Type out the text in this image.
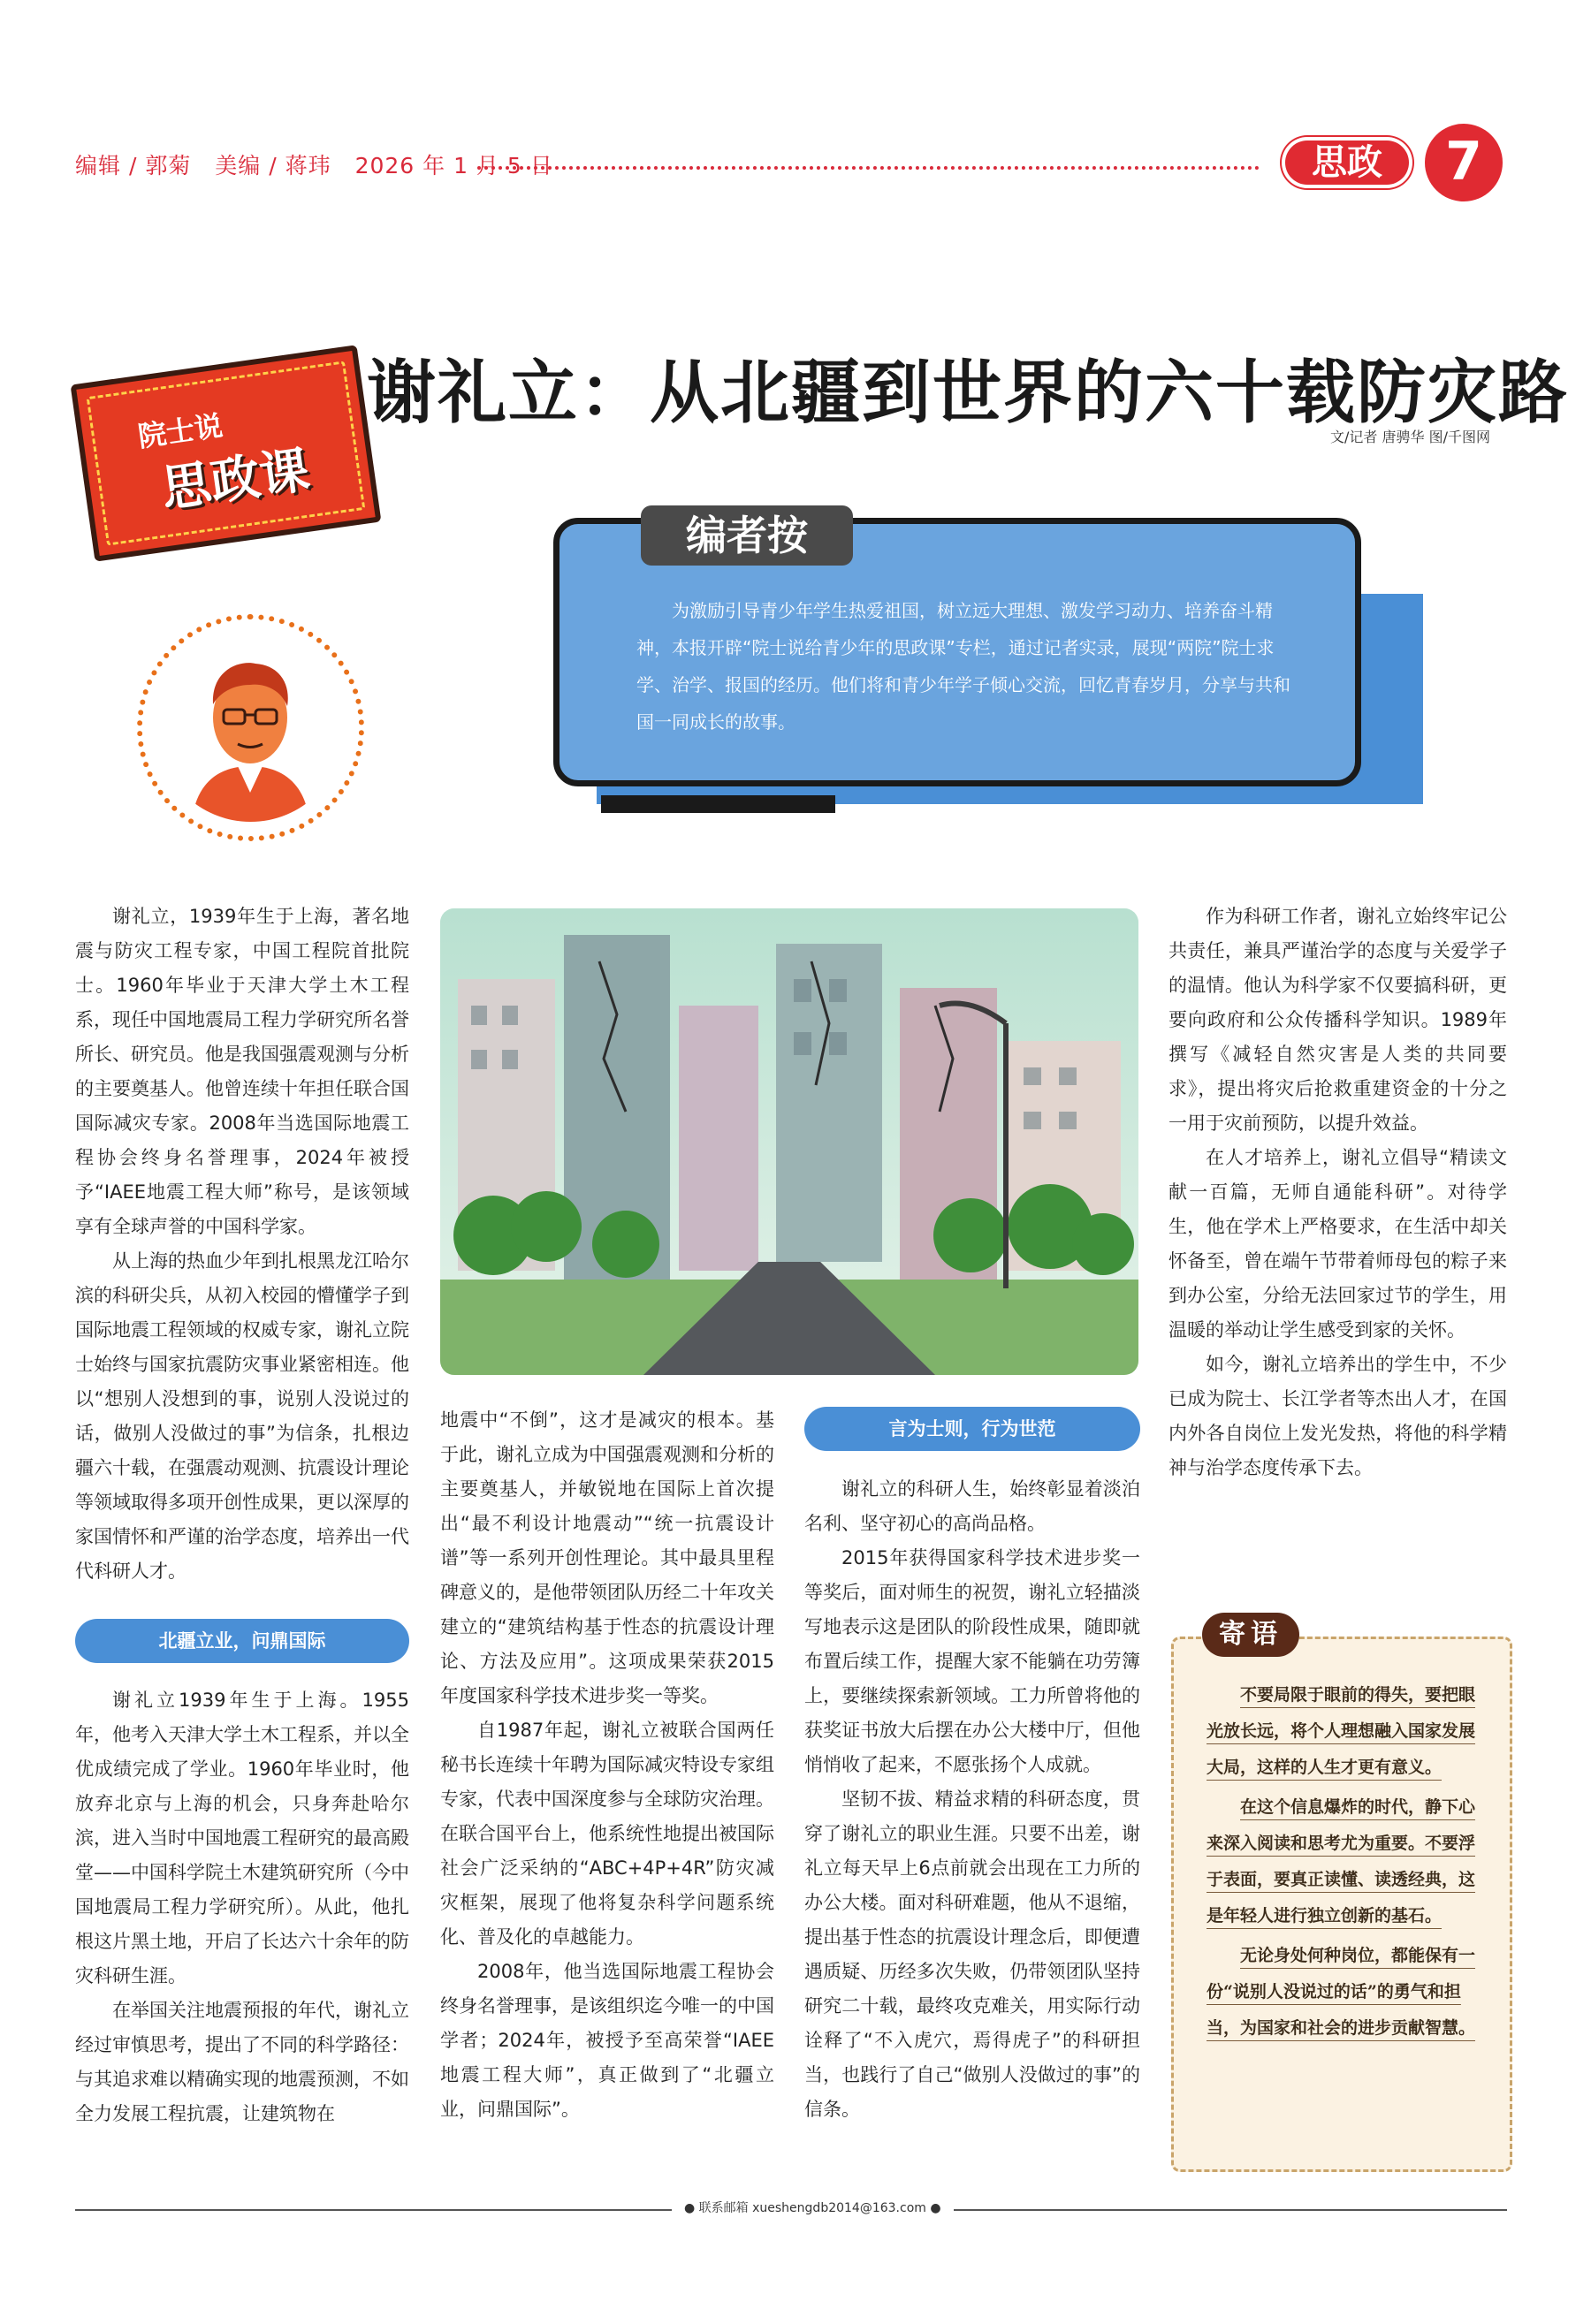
编辑 / 郭菊 美编 / 蒋玮 2026 年 1 月 5 日	思政	7
院士说
思政课
谢礼立：从北疆到世界的六十载防灾路
文/记者 唐骋华 图/千图网
编者按
为激励引导青少年学生热爱祖国，树立远大理想、激发学习动力、培养奋斗精神，本报开辟“院士说给青少年的思政课”专栏，通过记者实录，展现“两院”院士求学、治学、报国的经历。他们将和青少年学子倾心交流，回忆青春岁月，分享与共和国一同成长的故事。

谢礼立，1939年生于上海，著名地震与防灾工程专家，中国工程院首批院士。1960年毕业于天津大学土木工程系，现任中国地震局工程力学研究所名誉所长、研究员。他是我国强震观测与分析的主要奠基人。他曾连续十年担任联合国国际减灾专家。2008年当选国际地震工程协会终身名誉理事，2024年被授予“IAEE地震工程大师”称号，是该领域享有全球声誉的中国科学家。

从上海的热血少年到扎根黑龙江哈尔滨的科研尖兵，从初入校园的懵懂学子到国际地震工程领域的权威专家，谢礼立院士始终与国家抗震防灾事业紧密相连。他以“想别人没想到的事，说别人没说过的话，做别人没做过的事”为信条，扎根边疆六十载，在强震动观测、抗震设计理论等领域取得多项开创性成果，更以深厚的家国情怀和严谨的治学态度，培养出一代代科研人才。

北疆立业，问鼎国际

谢礼立1939年生于上海。1955年，他考入天津大学土木工程系，并以全优成绩完成了学业。1960年毕业时，他放弃北京与上海的机会，只身奔赴哈尔滨，进入当时中国地震工程研究的最高殿堂——中国科学院土木建筑研究所（今中国地震局工程力学研究所）。从此，他扎根这片黑土地，开启了长达六十余年的防灾科研生涯。

在举国关注地震预报的年代，谢礼立经过审慎思考，提出了不同的科学路径：与其追求难以精确实现的地震预测，不如全力发展工程抗震，让建筑物在

地震中“不倒”，这才是减灾的根本。基于此，谢礼立成为中国强震观测和分析的主要奠基人，并敏锐地在国际上首次提出“最不利设计地震动”“统一抗震设计谱”等一系列开创性理论。其中最具里程碑意义的，是他带领团队历经二十年攻关建立的“建筑结构基于性态的抗震设计理论、方法及应用”。这项成果荣获2015年度国家科学技术进步奖一等奖。

自1987年起，谢礼立被联合国两任秘书长连续十年聘为国际减灾特设专家组专家，代表中国深度参与全球防灾治理。在联合国平台上，他系统性地提出被国际社会广泛采纳的“ABC+4P+4R”防灾减灾框架，展现了他将复杂科学问题系统化、普及化的卓越能力。

2008年，他当选国际地震工程协会终身名誉理事，是该组织迄今唯一的中国学者；2024年，被授予至高荣誉“IAEE地震工程大师”，真正做到了“北疆立业，问鼎国际”。

言为士则，行为世范

谢礼立的科研人生，始终彰显着淡泊名利、坚守初心的高尚品格。

2015年获得国家科学技术进步奖一等奖后，面对师生的祝贺，谢礼立轻描淡写地表示这是团队的阶段性成果，随即就布置后续工作，提醒大家不能躺在功劳簿上，要继续探索新领域。工力所曾将他的获奖证书放大后摆在办公大楼中厅，但他悄悄收了起来，不愿张扬个人成就。

坚韧不拔、精益求精的科研态度，贯穿了谢礼立的职业生涯。只要不出差，谢礼立每天早上6点前就会出现在工力所的办公大楼。面对科研难题，他从不退缩，提出基于性态的抗震设计理念后，即便遭遇质疑、历经多次失败，仍带领团队坚持研究二十载，最终攻克难关，用实际行动诠释了“不入虎穴，焉得虎子”的科研担当，也践行了自己“做别人没做过的事”的信条。

作为科研工作者，谢礼立始终牢记公共责任，兼具严谨治学的态度与关爱学子的温情。他认为科学家不仅要搞科研，更要向政府和公众传播科学知识。1989年撰写《减轻自然灾害是人类的共同要求》，提出将灾后抢救重建资金的十分之一用于灾前预防，以提升效益。

在人才培养上，谢礼立倡导“精读文献一百篇，无师自通能科研”。对待学生，他在学术上严格要求，在生活中却关怀备至，曾在端午节带着师母包的粽子来到办公室，分给无法回家过节的学生，用温暖的举动让学生感受到家的关怀。

如今，谢礼立培养出的学生中，不少已成为院士、长江学者等杰出人才，在国内外各自岗位上发光发热，将他的科学精神与治学态度传承下去。

寄语

不要局限于眼前的得失，要把眼光放长远，将个人理想融入国家发展大局，这样的人生才更有意义。

在这个信息爆炸的时代，静下心来深入阅读和思考尤为重要。不要浮于表面，要真正读懂、读透经典，这是年轻人进行独立创新的基石。

无论身处何种岗位，都能保有一份“说别人没说过的话”的勇气和担当，为国家和社会的进步贡献智慧。

● 联系邮箱 xueshengdb2014@163.com ●
